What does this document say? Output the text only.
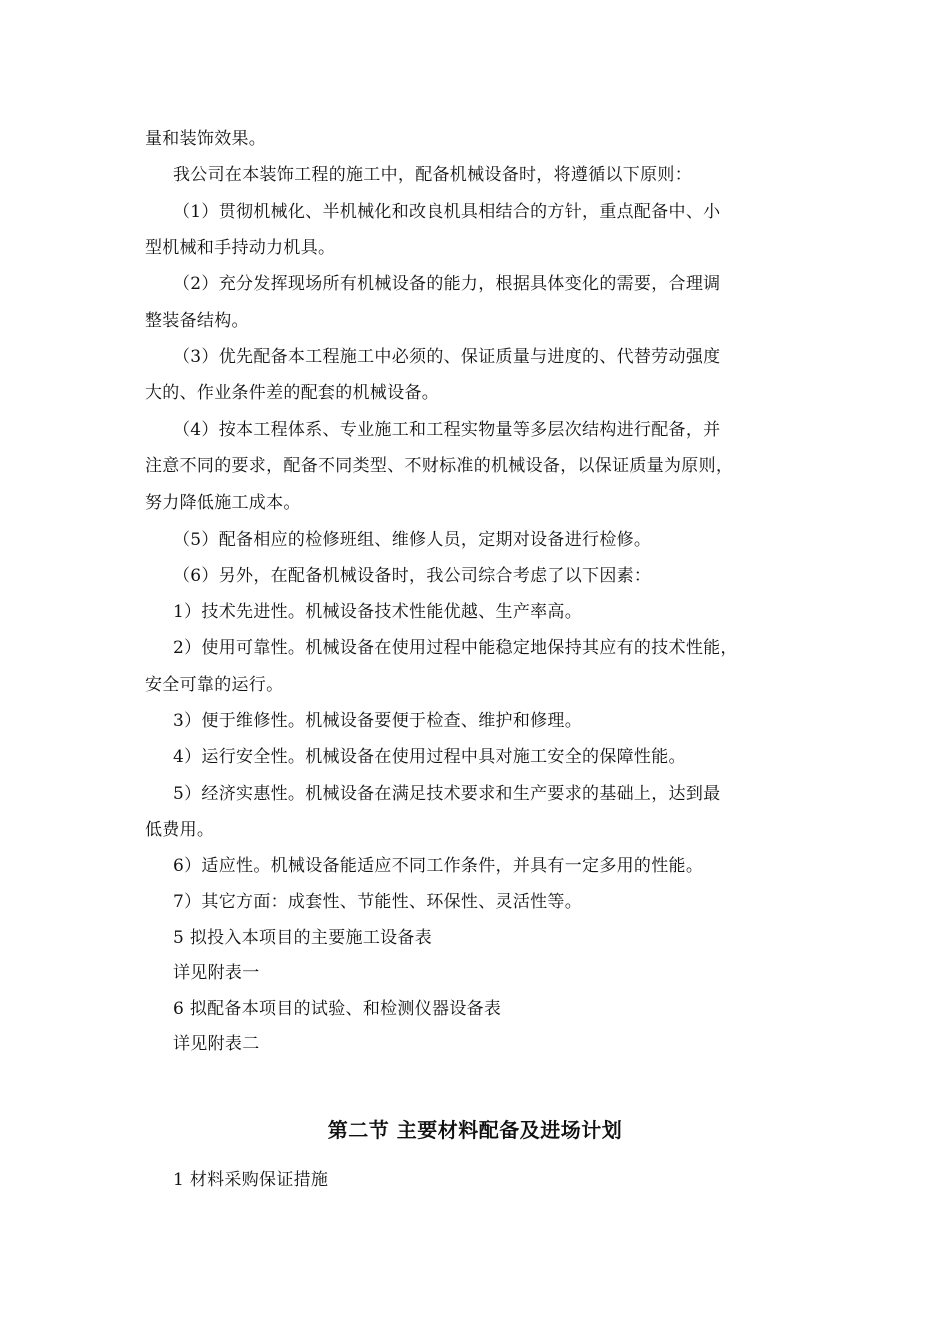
量和装饰效果。
我公司在本装饰工程的施工中，配备机械设备时，将遵循以下原则：
（1）贯彻机械化、半机械化和改良机具相结合的方针，重点配备中、小
型机械和手持动力机具。
（2）充分发挥现场所有机械设备的能力，根据具体变化的需要，合理调
整装备结构。
（3）优先配备本工程施工中必须的、保证质量与进度的、代替劳动强度
大的、作业条件差的配套的机械设备。
（4）按本工程体系、专业施工和工程实物量等多层次结构进行配备，并
注意不同的要求，配备不同类型、不财标准的机械设备，以保证质量为原则，
努力降低施工成本。
（5）配备相应的检修班组、维修人员，定期对设备进行检修。
（6）另外，在配备机械设备时，我公司综合考虑了以下因素：
1）技术先进性。机械设备技术性能优越、生产率高。
2）使用可靠性。机械设备在使用过程中能稳定地保持其应有的技术性能，
安全可靠的运行。
3）便于维修性。机械设备要便于检查、维护和修理。
4）运行安全性。机械设备在使用过程中具对施工安全的保障性能。
5）经济实惠性。机械设备在满足技术要求和生产要求的基础上，达到最
低费用。
6）适应性。机械设备能适应不同工作条件，并具有一定多用的性能。
7）其它方面：成套性、节能性、环保性、灵活性等。
5 拟投入本项目的主要施工设备表
详见附表一
6 拟配备本项目的试验、和检测仪器设备表
详见附表二
第二节 主要材料配备及进场计划
1 材料采购保证措施
